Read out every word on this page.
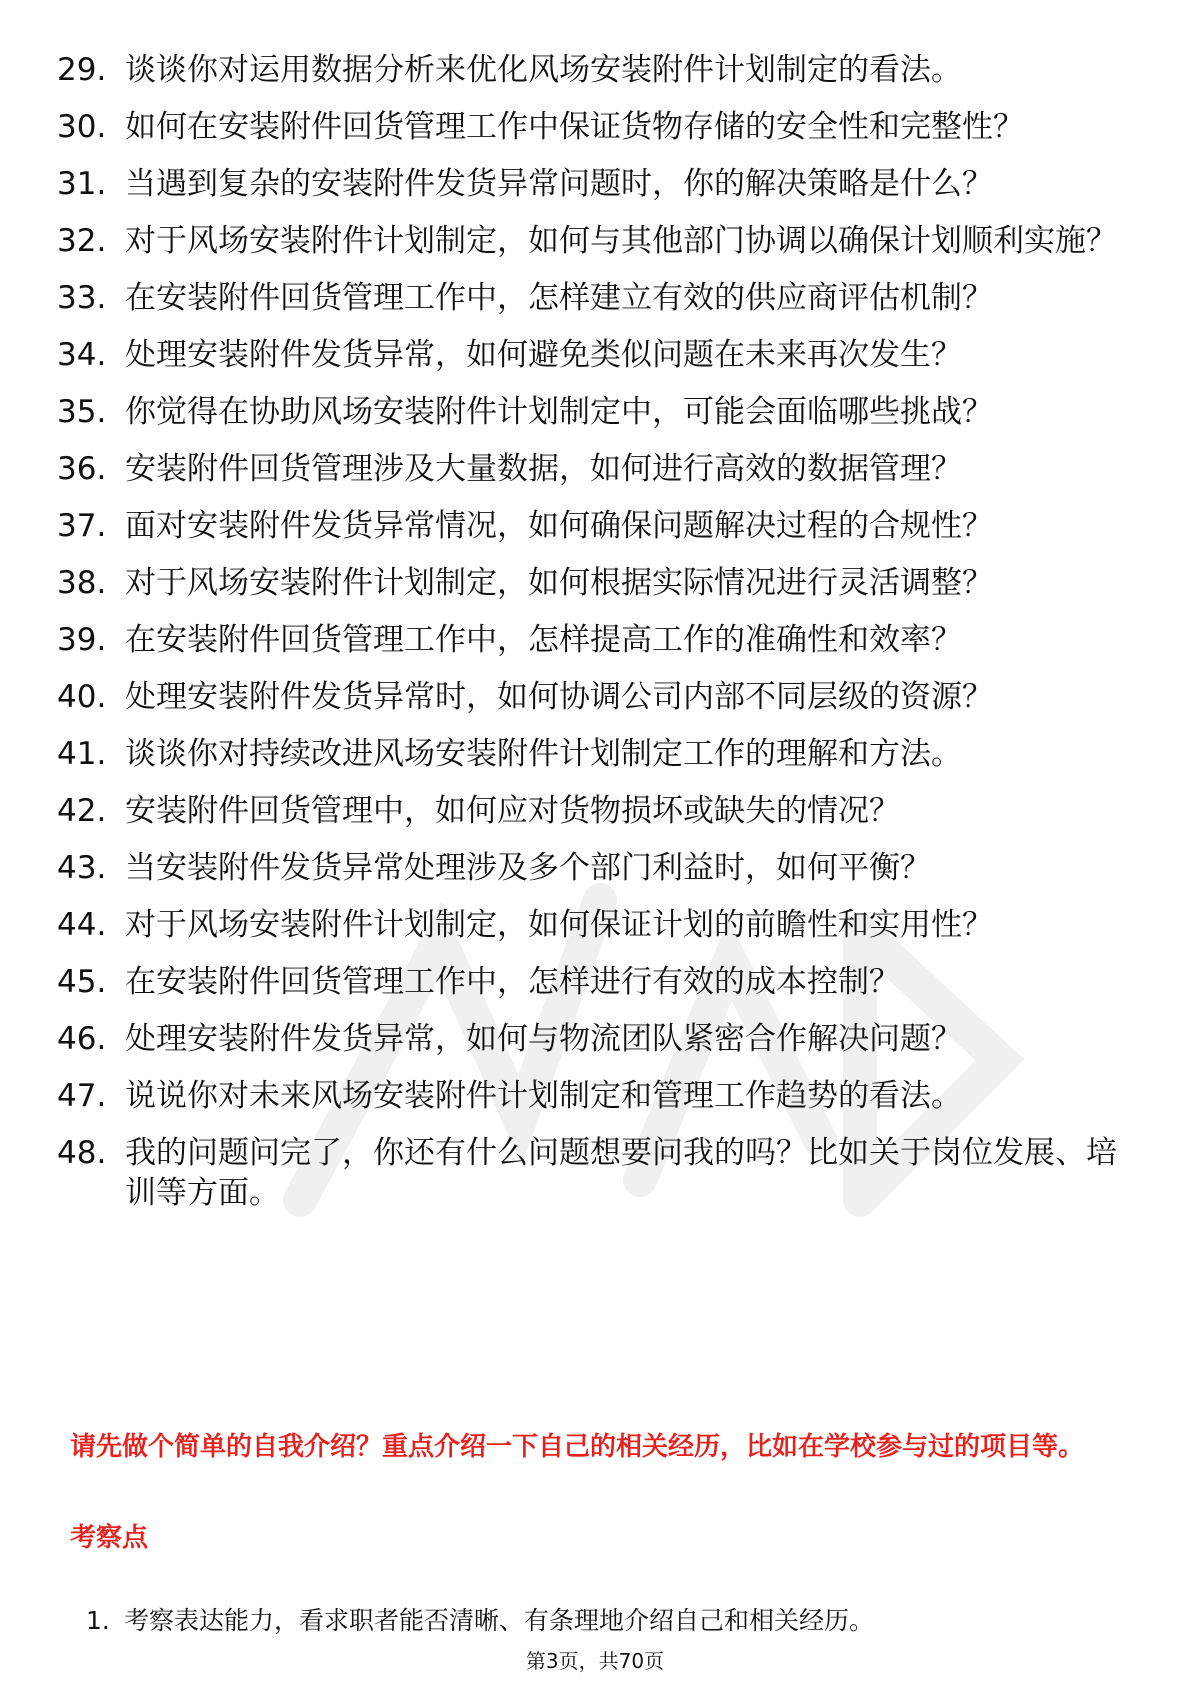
29. 谈谈你对运用数据分析来优化风场安装附件计划制定的看法。
30. 如何在安装附件回货管理工作中保证货物存储的安全性和完整性？
31. 当遇到复杂的安装附件发货异常问题时，你的解决策略是什么？
32. 对于风场安装附件计划制定，如何与其他部门协调以确保计划顺利实施？
33. 在安装附件回货管理工作中，怎样建立有效的供应商评估机制？
34. 处理安装附件发货异常，如何避免类似问题在未来再次发生？
35. 你觉得在协助风场安装附件计划制定中，可能会面临哪些挑战？
36. 安装附件回货管理涉及大量数据，如何进行高效的数据管理？
37. 面对安装附件发货异常情况，如何确保问题解决过程的合规性？
38. 对于风场安装附件计划制定，如何根据实际情况进行灵活调整？
39. 在安装附件回货管理工作中，怎样提高工作的准确性和效率？
40. 处理安装附件发货异常时，如何协调公司内部不同层级的资源？
41. 谈谈你对持续改进风场安装附件计划制定工作的理解和方法。
42. 安装附件回货管理中，如何应对货物损坏或缺失的情况？
43. 当安装附件发货异常处理涉及多个部门利益时，如何平衡？
44. 对于风场安装附件计划制定，如何保证计划的前瞻性和实用性？
45. 在安装附件回货管理工作中，怎样进行有效的成本控制？
46. 处理安装附件发货异常，如何与物流团队紧密合作解决问题？
47. 说说你对未来风场安装附件计划制定和管理工作趋势的看法。
48. 我的问题问完了，你还有什么问题想要问我的吗？比如关于岗位发展、培训等方面。
请先做个简单的自我介绍？重点介绍一下自己的相关经历，比如在学校参与过的项目等。
考察点
1. 考察表达能力，看求职者能否清晰、有条理地介绍自己和相关经历。
第3页，共70页
